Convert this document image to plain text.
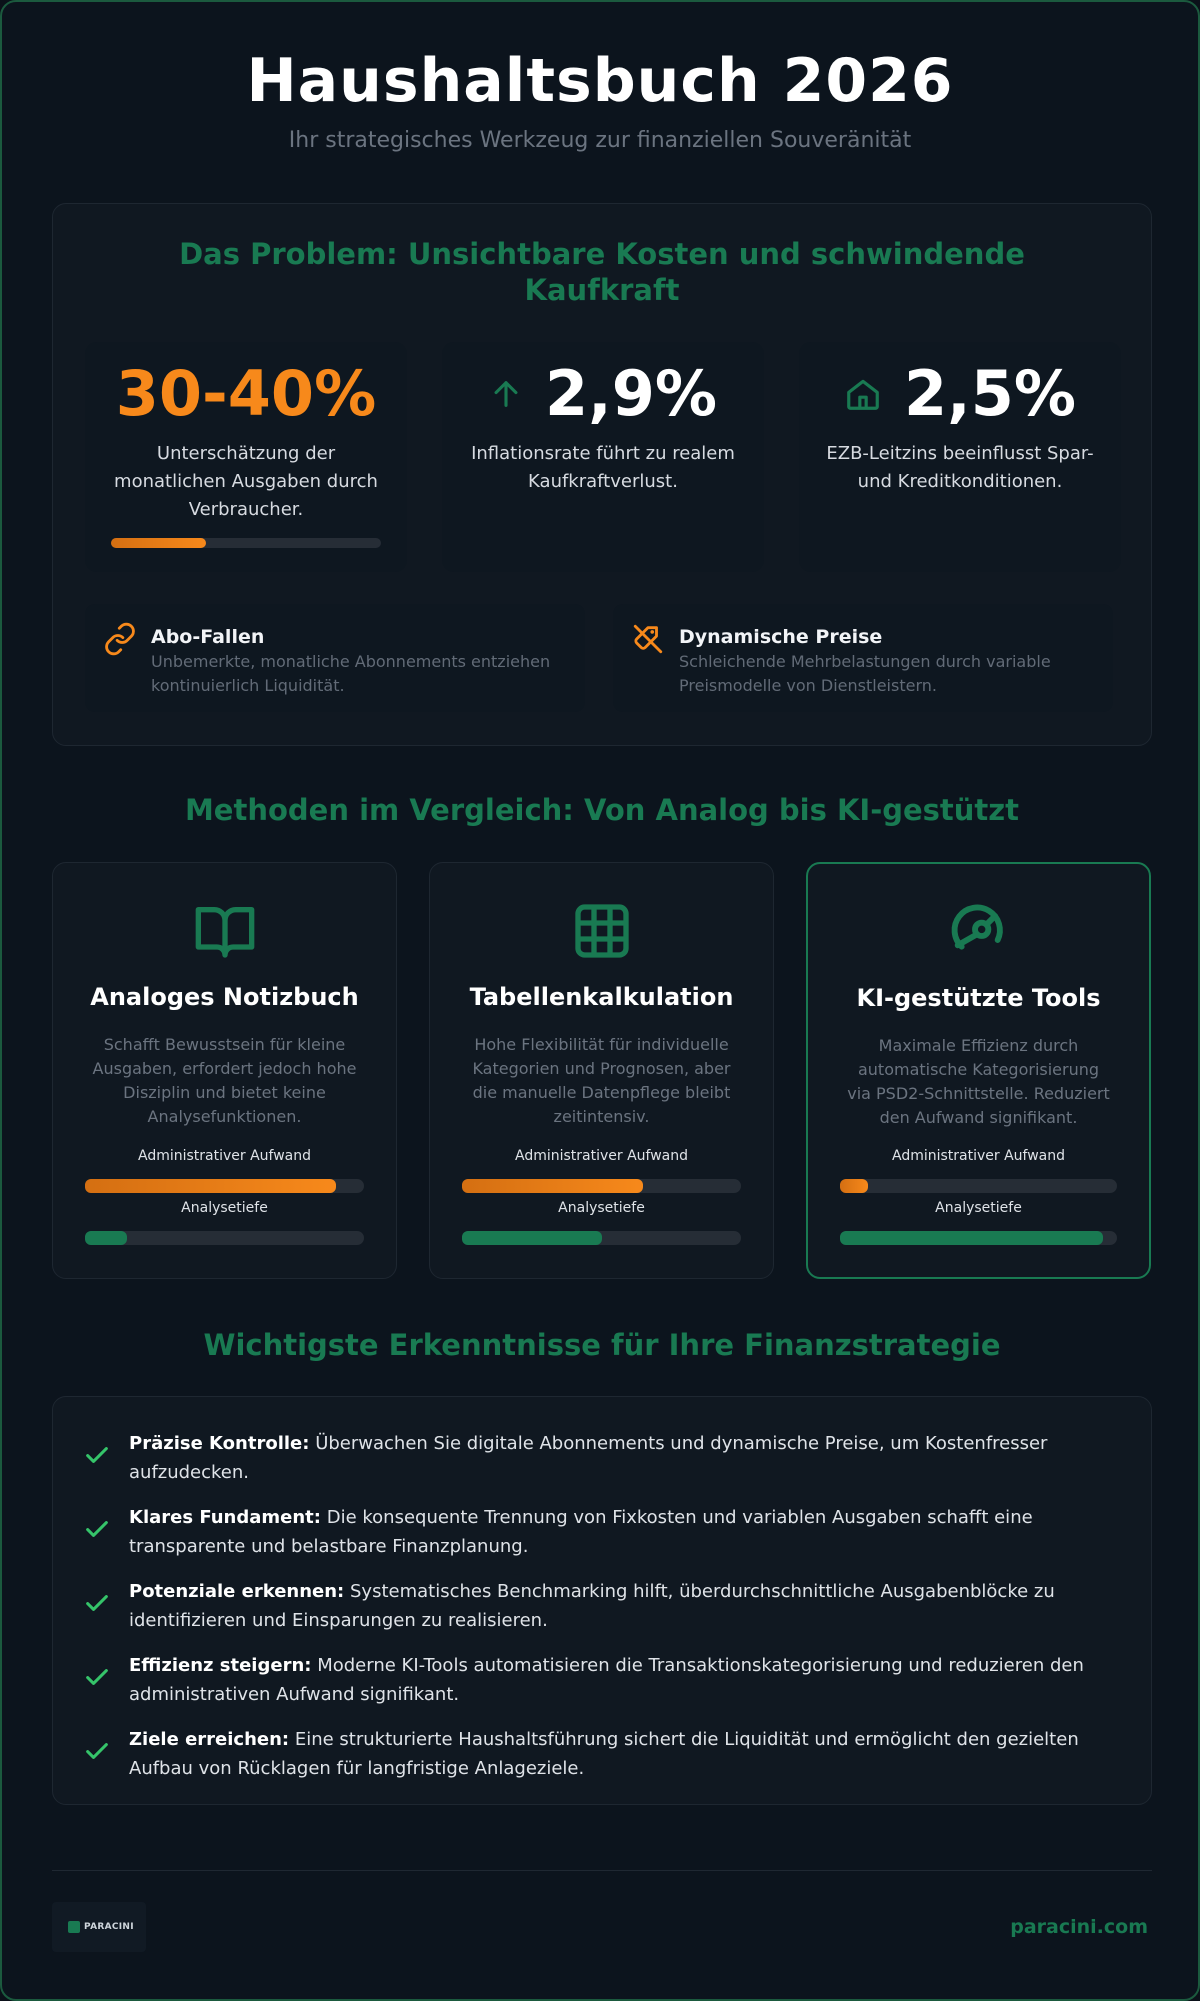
Haushaltsbuch 2026
Ihr strategisches Werkzeug zur finanziellen Souveränität
Das Problem: Unsichtbare Kosten und schwindende Kaufkraft
30-40%
Unterschätzung der monatlichen Ausgaben durch Verbraucher.
2,9%
Inflationsrate führt zu realem Kaufkraftverlust.
2,5%
EZB-Leitzins beeinflusst Spar- und Kreditkonditionen.
Abo-Fallen
Unbemerkte, monatliche Abonnements entziehen kontinuierlich Liquidität.
Dynamische Preise
Schleichende Mehrbelastungen durch variable Preismodelle von Dienstleistern.
Methoden im Vergleich: Von Analog bis KI-gestützt
Analoges Notizbuch
Schafft Bewusstsein für kleine Ausgaben, erfordert jedoch hohe Disziplin und bietet keine Analysefunktionen.
Administrativer Aufwand
Analysetiefe
Tabellenkalkulation
Hohe Flexibilität für individuelle Kategorien und Prognosen, aber die manuelle Datenpflege bleibt zeitintensiv.
Administrativer Aufwand
Analysetiefe
KI-gestützte Tools
Maximale Effizienz durch automatische Kategorisierung via PSD2-Schnittstelle. Reduziert den Aufwand signifikant.
Administrativer Aufwand
Analysetiefe
Wichtigste Erkenntnisse für Ihre Finanzstrategie
Präzise Kontrolle: Überwachen Sie digitale Abonnements und dynamische Preise, um Kostenfresser aufzudecken.
Klares Fundament: Die konsequente Trennung von Fixkosten und variablen Ausgaben schafft eine transparente und belastbare Finanzplanung.
Potenziale erkennen: Systematisches Benchmarking hilft, überdurchschnittliche Ausgabenblöcke zu identifizieren und Einsparungen zu realisieren.
Effizienz steigern: Moderne KI-Tools automatisieren die Transaktionskategorisierung und reduzieren den administrativen Aufwand signifikant.
Ziele erreichen: Eine strukturierte Haushaltsführung sichert die Liquidität und ermöglicht den gezielten Aufbau von Rücklagen für langfristige Anlageziele.
PARACINI	paracini.com
